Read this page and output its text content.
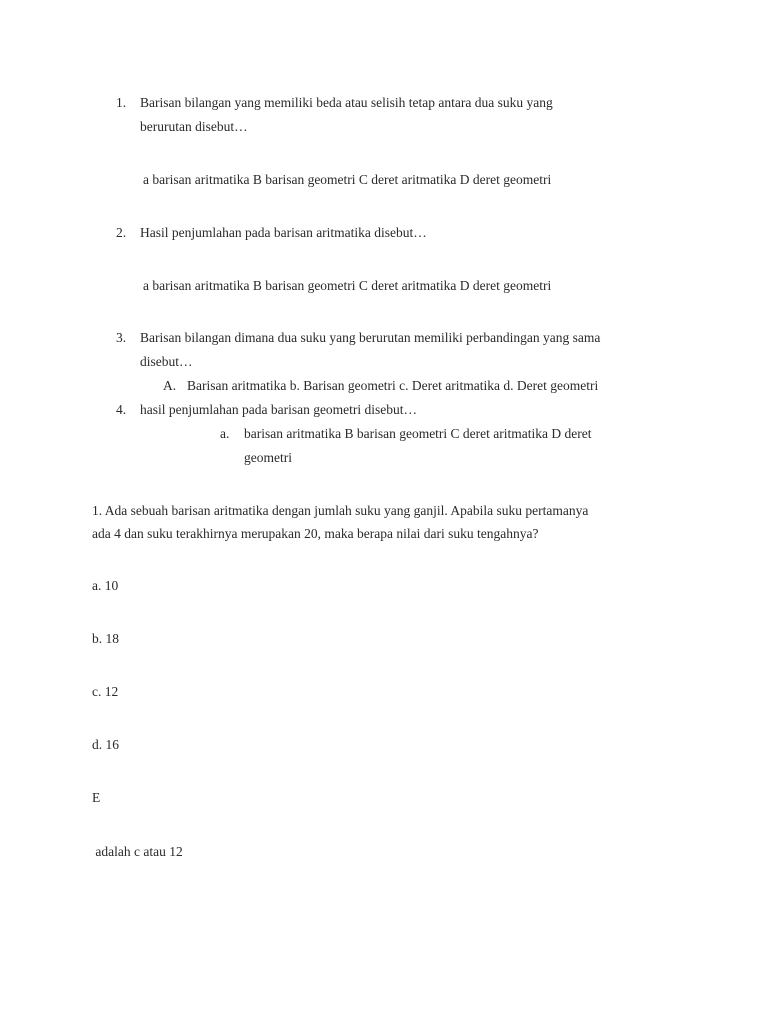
1. Barisan bilangan yang memiliki beda atau selisih tetap antara dua suku yang
berurutan disebut…
a barisan aritmatika B barisan geometri C deret aritmatika D deret geometri
2. Hasil penjumlahan pada barisan aritmatika disebut…
a barisan aritmatika B barisan geometri C deret aritmatika D deret geometri
3. Barisan bilangan dimana dua suku yang berurutan memiliki perbandingan yang sama
disebut…
A. Barisan aritmatika b. Barisan geometri c. Deret aritmatika d. Deret geometri
4. hasil penjumlahan pada barisan geometri disebut…
a. barisan aritmatika B barisan geometri C deret aritmatika D deret
geometri
1. Ada sebuah barisan aritmatika dengan jumlah suku yang ganjil. Apabila suku pertamanya
ada 4 dan suku terakhirnya merupakan 20, maka berapa nilai dari suku tengahnya?
a. 10
b. 18
c. 12
d. 16
E
adalah c atau 12
